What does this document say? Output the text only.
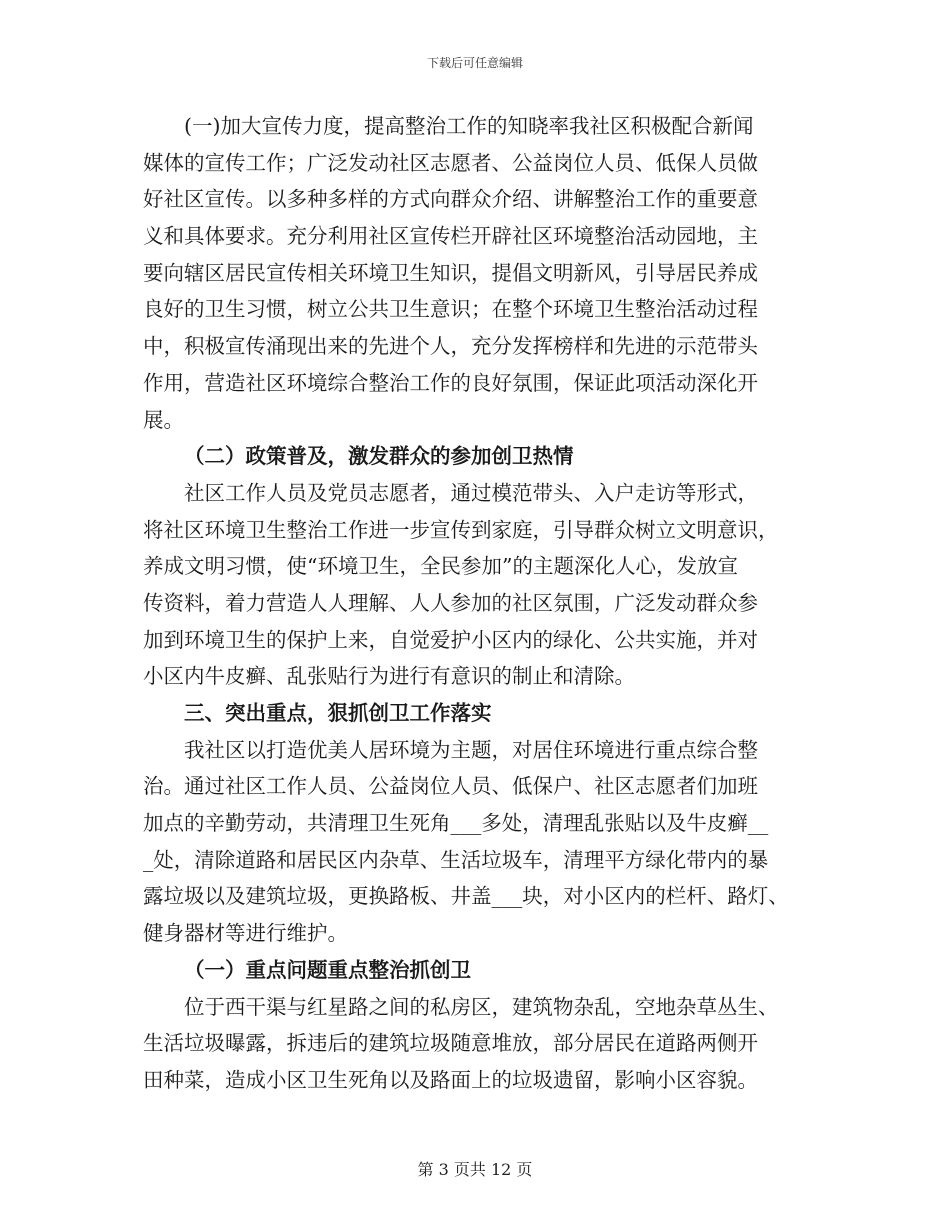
下载后可任意编辑
(一)加大宣传力度，提高整治工作的知晓率我社区积极配合新闻
媒体的宣传工作；广泛发动社区志愿者、公益岗位人员、低保人员做
好社区宣传。以多种多样的方式向群众介绍、讲解整治工作的重要意
义和具体要求。充分利用社区宣传栏开辟社区环境整治活动园地，主
要向辖区居民宣传相关环境卫生知识，提倡文明新风，引导居民养成
良好的卫生习惯，树立公共卫生意识；在整个环境卫生整治活动过程
中，积极宣传涌现出来的先进个人，充分发挥榜样和先进的示范带头
作用，营造社区环境综合整治工作的良好氛围，保证此项活动深化开
展。
（二）政策普及，激发群众的参加创卫热情
社区工作人员及党员志愿者，通过模范带头、入户走访等形式，
将社区环境卫生整治工作进一步宣传到家庭，引导群众树立文明意识，
养成文明习惯，使“环境卫生，全民参加”的主题深化人心，发放宣
传资料，着力营造人人理解、人人参加的社区氛围，广泛发动群众参
加到环境卫生的保护上来，自觉爱护小区内的绿化、公共实施，并对
小区内牛皮癣、乱张贴行为进行有意识的制止和清除。
三、突出重点，狠抓创卫工作落实
我社区以打造优美人居环境为主题，对居住环境进行重点综合整
治。通过社区工作人员、公益岗位人员、低保户、社区志愿者们加班
加点的辛勤劳动，共清理卫生死角___多处，清理乱张贴以及牛皮癣__
_处，清除道路和居民区内杂草、生活垃圾车，清理平方绿化带内的暴
露垃圾以及建筑垃圾，更换路板、井盖___块，对小区内的栏杆、路灯、
健身器材等进行维护。
（一）重点问题重点整治抓创卫
位于西干渠与红星路之间的私房区，建筑物杂乱，空地杂草丛生、
生活垃圾曝露，拆违后的建筑垃圾随意堆放，部分居民在道路两侧开
田种菜，造成小区卫生死角以及路面上的垃圾遗留，影响小区容貌。
第 3 页共 12 页
